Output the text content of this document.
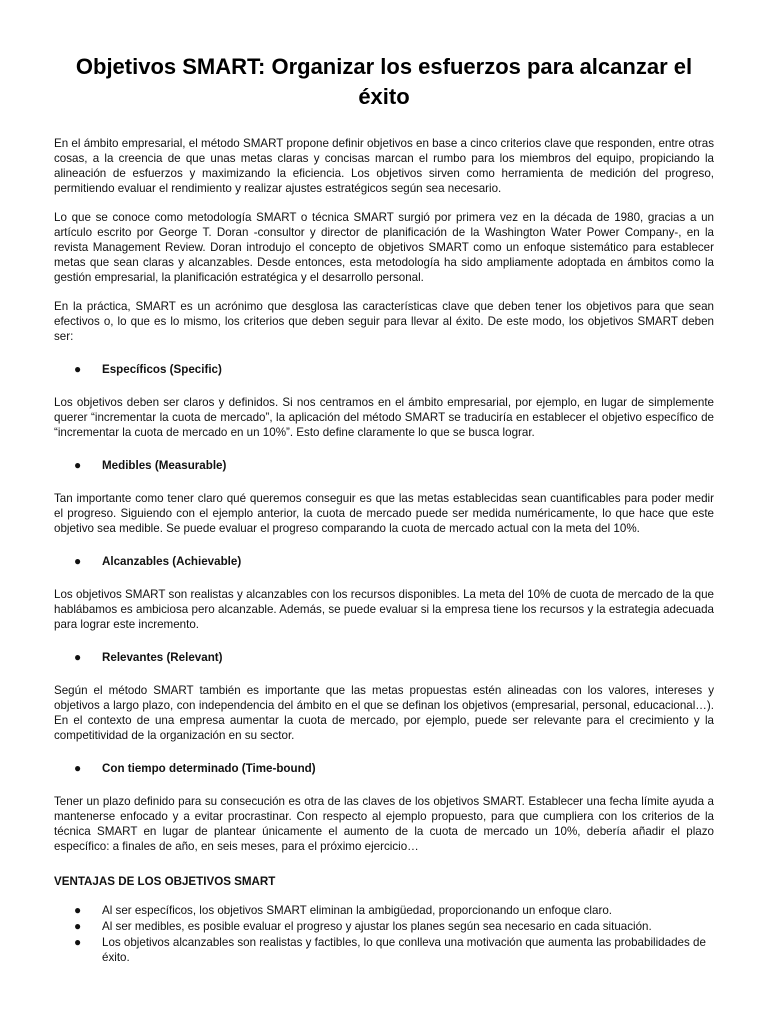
Objetivos SMART: Organizar los esfuerzos para alcanzar el éxito

En el ámbito empresarial, el método SMART propone definir objetivos en base a cinco criterios clave que responden, entre otras cosas, a la creencia de que unas metas claras y concisas marcan el rumbo para los miembros del equipo, propiciando la alineación de esfuerzos y maximizando la eficiencia. Los objetivos sirven como herramienta de medición del progreso, permitiendo evaluar el rendimiento y realizar ajustes estratégicos según sea necesario.

Lo que se conoce como metodología SMART o técnica SMART surgió por primera vez en la década de 1980, gracias a un artículo escrito por George T. Doran -consultor y director de planificación de la Washington Water Power Company-, en la revista Management Review. Doran introdujo el concepto de objetivos SMART como un enfoque sistemático para establecer metas que sean claras y alcanzables. Desde entonces, esta metodología ha sido ampliamente adoptada en ámbitos como la gestión empresarial, la planificación estratégica y el desarrollo personal.

En la práctica, SMART es un acrónimo que desglosa las características clave que deben tener los objetivos para que sean efectivos o, lo que es lo mismo, los criterios que deben seguir para llevar al éxito. De este modo, los objetivos SMART deben ser:

●	Específicos (Specific)

Los objetivos deben ser claros y definidos. Si nos centramos en el ámbito empresarial, por ejemplo, en lugar de simplemente querer “incrementar la cuota de mercado”, la aplicación del método SMART se traduciría en establecer el objetivo específico de “incrementar la cuota de mercado en un 10%”. Esto define claramente lo que se busca lograr.

●	Medibles (Measurable)

Tan importante como tener claro qué queremos conseguir es que las metas establecidas sean cuantificables para poder medir el progreso. Siguiendo con el ejemplo anterior, la cuota de mercado puede ser medida numéricamente, lo que hace que este objetivo sea medible. Se puede evaluar el progreso comparando la cuota de mercado actual con la meta del 10%.

●	Alcanzables (Achievable)

Los objetivos SMART son realistas y alcanzables con los recursos disponibles. La meta del 10% de cuota de mercado de la que hablábamos es ambiciosa pero alcanzable. Además, se puede evaluar si la empresa tiene los recursos y la estrategia adecuada para lograr este incremento.

●	Relevantes (Relevant)

Según el método SMART también es importante que las metas propuestas estén alineadas con los valores, intereses y objetivos a largo plazo, con independencia del ámbito en el que se definan los objetivos (empresarial, personal, educacional…). En el contexto de una empresa aumentar la cuota de mercado, por ejemplo, puede ser relevante para el crecimiento y la competitividad de la organización en su sector.

●	Con tiempo determinado (Time-bound)

Tener un plazo definido para su consecución es otra de las claves de los objetivos SMART. Establecer una fecha límite ayuda a mantenerse enfocado y a evitar procrastinar. Con respecto al ejemplo propuesto, para que cumpliera con los criterios de la técnica SMART en lugar de plantear únicamente el aumento de la cuota de mercado un 10%, debería añadir el plazo específico: a finales de año, en seis meses, para el próximo ejercicio…

VENTAJAS DE LOS OBJETIVOS SMART
●	Al ser específicos, los objetivos SMART eliminan la ambigüedad, proporcionando un enfoque claro.
●	Al ser medibles, es posible evaluar el progreso y ajustar los planes según sea necesario en cada situación.
●	Los objetivos alcanzables son realistas y factibles, lo que conlleva una motivación que aumenta las probabilidades de éxito.
